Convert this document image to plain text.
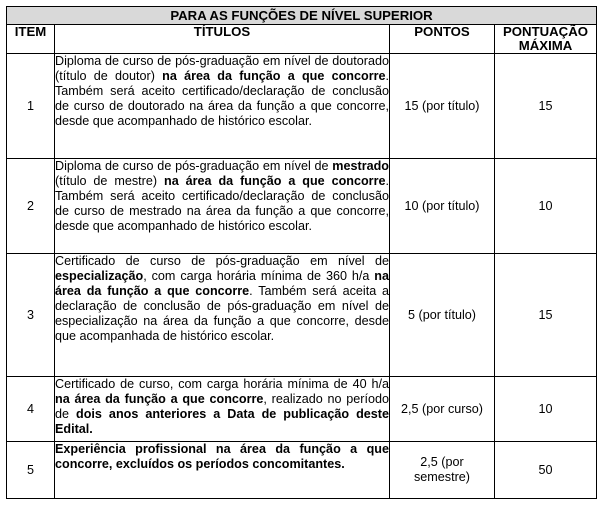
PARA AS FUNÇÕES DE NÍVEL SUPERIOR			
ITEM	TÍTULOS	PONTOS	PONTUAÇÃO
MÁXIMA
1	Diploma de curso de pós-graduação em nível de doutorado (título de doutor) na área da função a que concorre. Também será aceito certificado/declaração de conclusão de curso de doutorado na área da função a que concorre, desde que acompanhado de histórico escolar.	15 (por título)	15
2	Diploma de curso de pós-graduação em nível de mestrado (título de mestre) na área da função a que concorre. Também será aceito certificado/declaração de conclusão de curso de mestrado na área da função a que concorre, desde que acompanhado de histórico escolar.	10 (por título)	10
3	Certificado de curso de pós-graduação em nível de especialização, com carga horária mínima de 360 h/a na área da função a que concorre. Também será aceita a declaração de conclusão de pós-graduação em nível de especialização na área da função a que concorre, desde que acompanhada de histórico escolar.	5 (por título)	15
4	Certificado de curso, com carga horária mínima de 40 h/a na área da função a que concorre, realizado no período de dois anos anteriores a Data de publicação deste Edital.	2,5 (por curso)	10
5	Experiência profissional na área da função a que concorre, excluídos os períodos concomitantes.	2,5 (por
semestre)	50
